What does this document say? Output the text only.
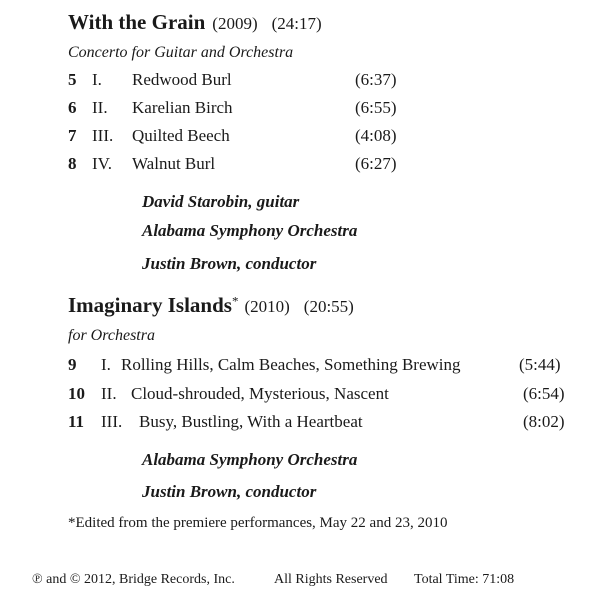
With the Grain (2009) (24:17)
Concerto for Guitar and Orchestra
5 I. Redwood Burl	(6:37)
6 II. Karelian Birch	(6:55)
7 III. Quilted Beech	(4:08)
8 IV. Walnut Burl	(6:27)
David Starobin, guitar
Alabama Symphony Orchestra
Justin Brown, conductor
Imaginary Islands* (2010) (20:55)
for Orchestra
9 I. Rolling Hills, Calm Beaches, Something Brewing	(5:44)
10 II. Cloud-shrouded, Mysterious, Nascent	(6:54)
11 III. Busy, Bustling, With a Heartbeat	(8:02)
Alabama Symphony Orchestra
Justin Brown, conductor
*Edited from the premiere performances, May 22 and 23, 2010
℗ and © 2012, Bridge Records, Inc.	All Rights Reserved Total Time: 71:08
